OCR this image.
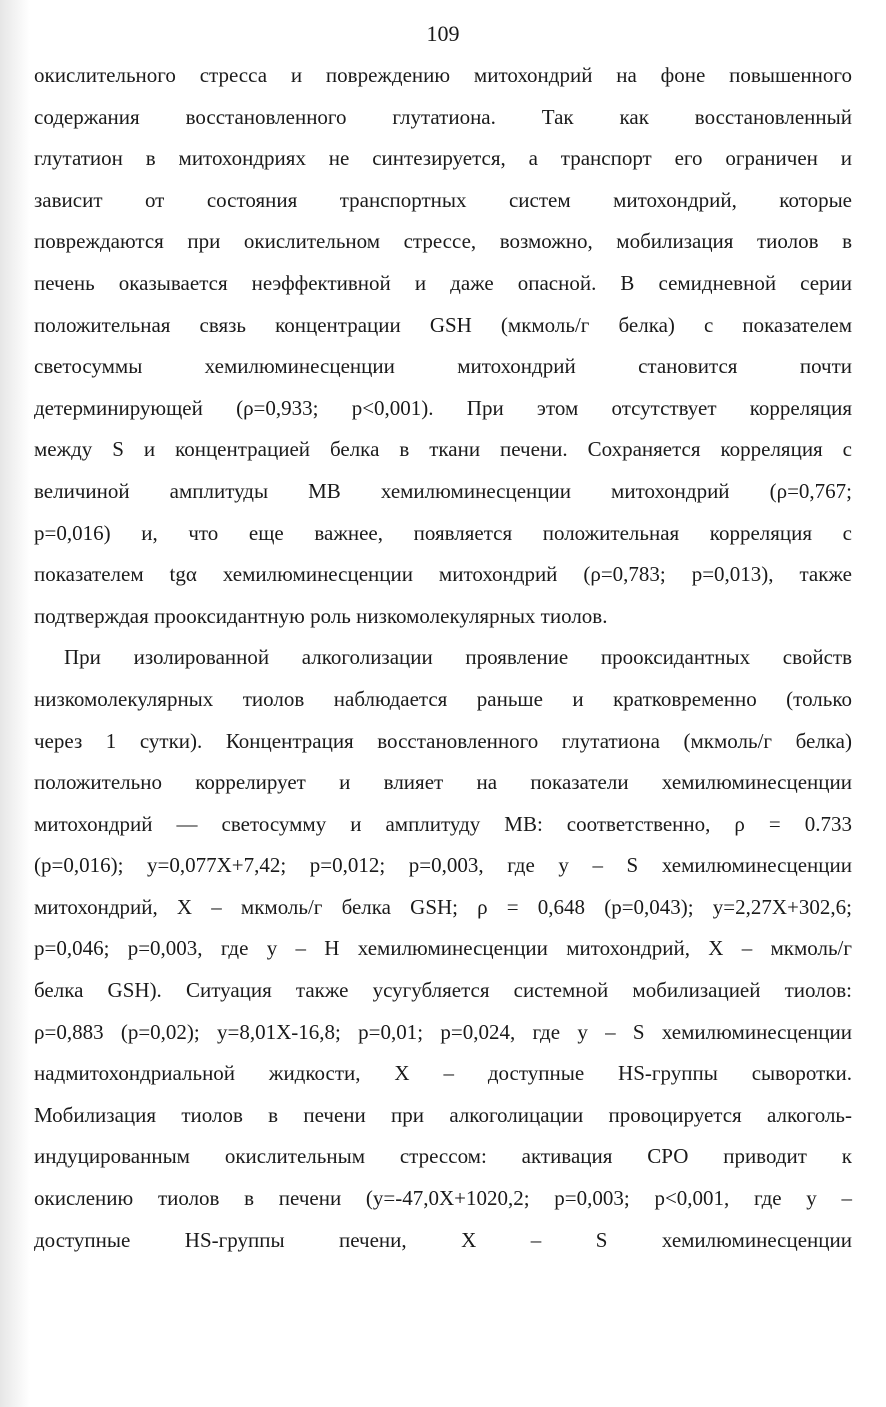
109
окислительного стресса и повреждению митохондрий на фоне повышенного
содержания восстановленного глутатиона. Так как восстановленный
глутатион в митохондриях не синтезируется, а транспорт его ограничен и
зависит от состояния транспортных систем митохондрий, которые
повреждаются при окислительном стрессе, возможно, мобилизация тиолов в
печень оказывается неэффективной и даже опасной. В семидневной серии
положительная связь концентрации GSH (мкмоль/г белка) с показателем
светосуммы хемилюминесценции митохондрий становится почти
детерминирующей (ρ=0,933; p<0,001). При этом отсутствует корреляция
между S и концентрацией белка в ткани печени. Сохраняется корреляция с
величиной амплитуды МВ хемилюминесценции митохондрий (ρ=0,767;
p=0,016) и, что еще важнее, появляется положительная корреляция с
показателем tgα хемилюминесценции митохондрий (ρ=0,783; p=0,013), также
подтверждая прооксидантную роль низкомолекулярных тиолов.
При изолированной алкоголизации проявление прооксидантных свойств
низкомолекулярных тиолов наблюдается раньше и кратковременно (только
через 1 сутки). Концентрация восстановленного глутатиона (мкмоль/г белка)
положительно коррелирует и влияет на показатели хемилюминесценции
митохондрий — светосумму и амплитуду МВ: соответственно, ρ = 0.733
(p=0,016); y=0,077X+7,42; p=0,012; p=0,003, где y – S хемилюминесценции
митохондрий, X – мкмоль/г белка GSH; ρ = 0,648 (p=0,043); y=2,27X+302,6;
p=0,046; p=0,003, где y – H хемилюминесценции митохондрий, X – мкмоль/г
белка GSH). Ситуация также усугубляется системной мобилизацией тиолов:
ρ=0,883 (p=0,02); y=8,01X-16,8; p=0,01; p=0,024, где y – S хемилюминесценции
надмитохондриальной жидкости, X – доступные HS-группы сыворотки.
Мобилизация тиолов в печени при алкоголицации провоцируется алкоголь-
индуцированным окислительным стрессом: активация СРО приводит к
окислению тиолов в печени (y=-47,0X+1020,2; p=0,003; p<0,001, где y –
доступные HS-группы печени, X – S хемилюминесценции
